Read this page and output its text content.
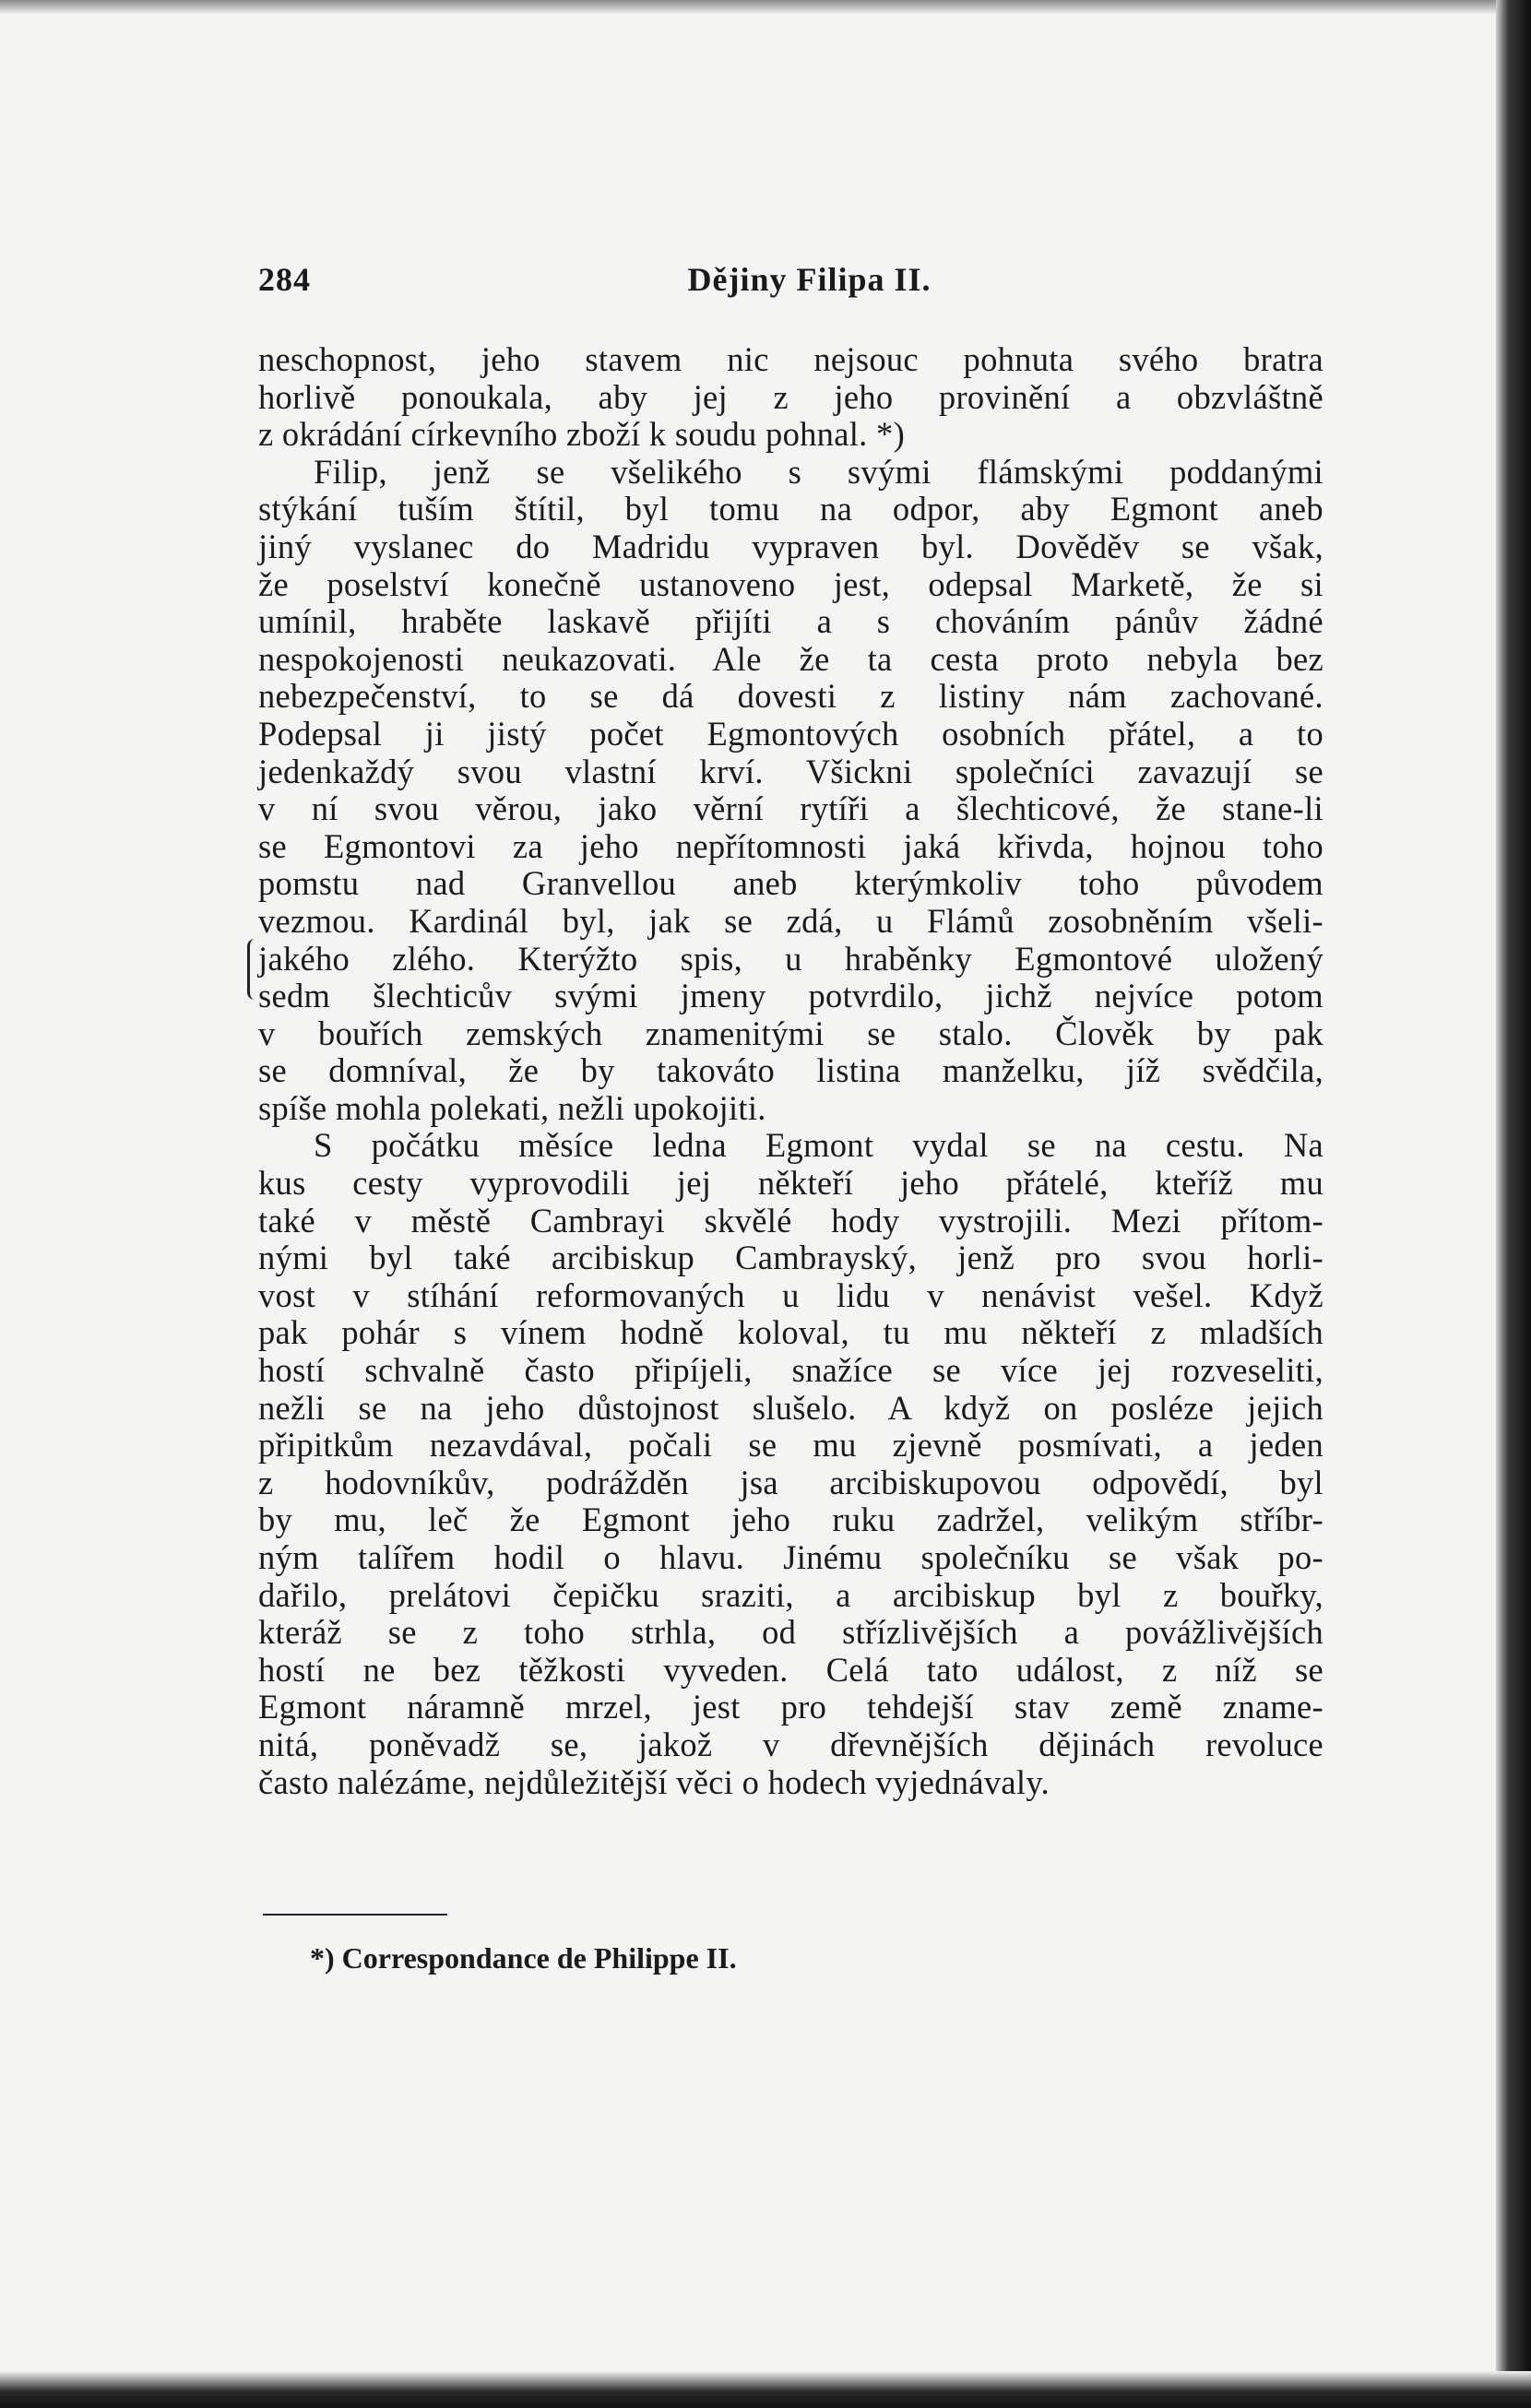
284	Dějiny Filipa II.
neschopnost, jeho stavem nic nejsouc pohnuta svého bratra
horlivě ponoukala, aby jej z jeho provinění a obzvláštně
z okrádání církevního zboží k soudu pohnal. *)
Filip, jenž se všelikého s svými flámskými poddanými
stýkání tuším štítil, byl tomu na odpor, aby Egmont aneb
jiný vyslanec do Madridu vypraven byl. Dověděv se však,
že poselství konečně ustanoveno jest, odepsal Marketě, že si
umínil, hraběte laskavě přijíti a s chováním pánův žádné
nespokojenosti neukazovati. Ale že ta cesta proto nebyla bez
nebezpečenství, to se dá dovesti z listiny nám zachované.
Podepsal ji jistý počet Egmontových osobních přátel, a to
jedenkaždý svou vlastní krví. Všickni společníci zavazují se
v ní svou věrou, jako věrní rytíři a šlechticové, že stane-li
se Egmontovi za jeho nepřítomnosti jaká křivda, hojnou toho
pomstu nad Granvellou aneb kterýmkoliv toho původem
vezmou. Kardinál byl, jak se zdá, u Flámů zosobněním všeli-
jakého zlého. Kterýžto spis, u hraběnky Egmontové uložený
sedm šlechticův svými jmeny potvrdilo, jichž nejvíce potom
v bouřích zemských znamenitými se stalo. Člověk by pak
se domníval, že by takováto listina manželku, jíž svědčila,
spíše mohla polekati, nežli upokojiti.
S počátku měsíce ledna Egmont vydal se na cestu. Na
kus cesty vyprovodili jej někteří jeho přátelé, kteříž mu
také v městě Cambrayi skvělé hody vystrojili. Mezi přítom-
nými byl také arcibiskup Cambrayský, jenž pro svou horli-
vost v stíhání reformovaných u lidu v nenávist vešel. Když
pak pohár s vínem hodně koloval, tu mu někteří z mladších
hostí schvalně často připíjeli, snažíce se více jej rozveseliti,
nežli se na jeho důstojnost slušelo. A když on posléze jejich
připitkům nezavdával, počali se mu zjevně posmívati, a jeden
z hodovníkův, podrážděn jsa arcibiskupovou odpovědí, byl
by mu, leč že Egmont jeho ruku zadržel, velikým stříbr-
ným talířem hodil o hlavu. Jinému společníku se však po-
dařilo, prelátovi čepičku sraziti, a arcibiskup byl z bouřky,
kteráž se z toho strhla, od střízlivějších a povážlivějších
hostí ne bez těžkosti vyveden. Celá tato událost, z níž se
Egmont náramně mrzel, jest pro tehdejší stav země zname-
nitá, poněvadž se, jakož v dřevnějších dějinách revoluce
často nalézáme, nejdůležitější věci o hodech vyjednávaly.
*) Correspondance de Philippe II.
